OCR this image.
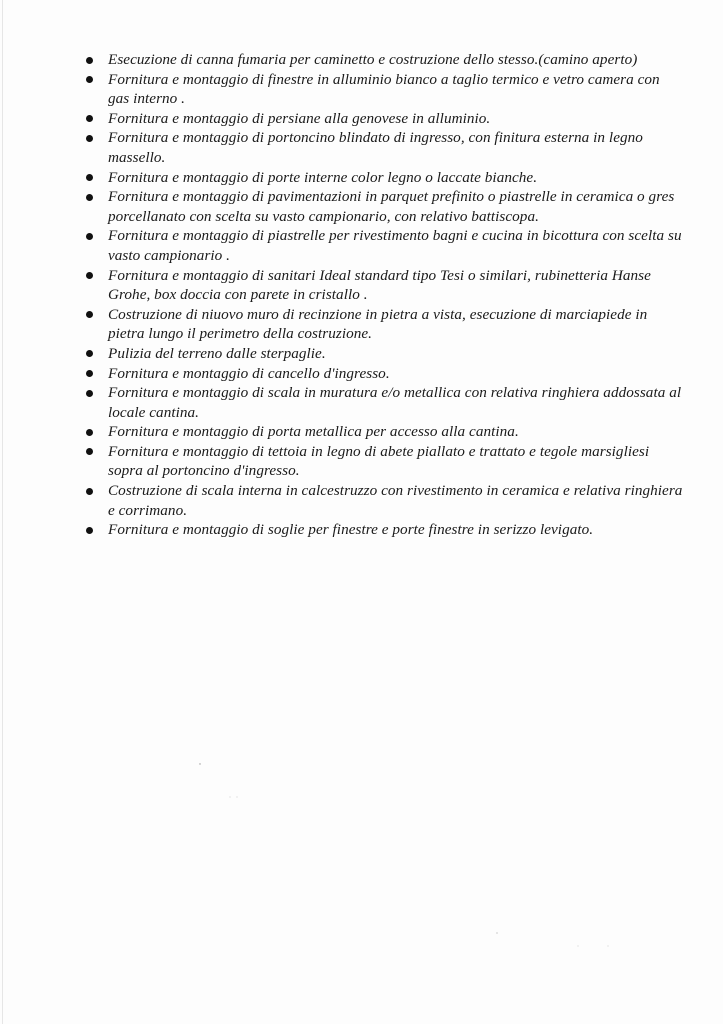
Esecuzione di canna fumaria per caminetto e costruzione dello stesso.(camino aperto)
Fornitura e montaggio di finestre in alluminio bianco a taglio termico e vetro camera con gas interno .
Fornitura e montaggio di persiane alla genovese in alluminio.
Fornitura e montaggio di portoncino blindato di ingresso, con finitura esterna in legno massello.
Fornitura e montaggio di porte interne color legno o laccate bianche.
Fornitura e montaggio di pavimentazioni in parquet prefinito o piastrelle in ceramica o gres porcellanato con scelta su vasto campionario, con relativo battiscopa.
Fornitura e montaggio di piastrelle per rivestimento bagni e cucina in bicottura con scelta su vasto campionario .
Fornitura e montaggio di sanitari Ideal standard tipo Tesi o similari, rubinetteria Hanse Grohe, box doccia con parete in cristallo .
Costruzione di niuovo muro di recinzione in pietra a vista, esecuzione di marciapiede in pietra lungo il perimetro della costruzione.
Pulizia del terreno dalle sterpaglie.
Fornitura e montaggio di cancello d'ingresso.
Fornitura e montaggio di scala in muratura e/o metallica con relativa ringhiera addossata al locale cantina.
Fornitura e montaggio di porta metallica per accesso alla cantina.
Fornitura e montaggio di tettoia in legno di abete piallato e trattato e tegole marsigliesi sopra al portoncino d'ingresso.
Costruzione di scala interna in calcestruzzo con rivestimento in ceramica e relativa ringhiera e corrimano.
Fornitura e montaggio di soglie per finestre e porte finestre in serizzo levigato.
